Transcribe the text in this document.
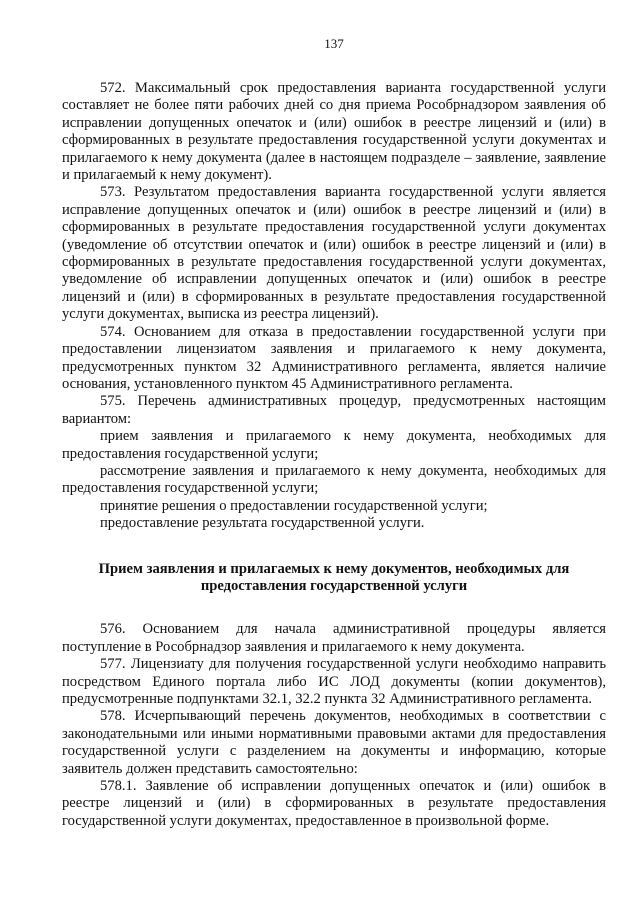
137

572. Максимальный срок предоставления варианта государственной услуги составляет не более пяти рабочих дней со дня приема Рособрнадзором заявления об исправлении допущенных опечаток и (или) ошибок в реестре лицензий и (или) в сформированных в результате предоставления государственной услуги документах и прилагаемого к нему документа (далее в настоящем подразделе – заявление, заявление и прилагаемый к нему документ).

573. Результатом предоставления варианта государственной услуги является исправление допущенных опечаток и (или) ошибок в реестре лицензий и (или) в сформированных в результате предоставления государственной услуги документах (уведомление об отсутствии опечаток и (или) ошибок в реестре лицензий и (или) в сформированных в результате предоставления государственной услуги документах, уведомление об исправлении допущенных опечаток и (или) ошибок в реестре лицензий и (или) в сформированных в результате предоставления государственной услуги документах, выписка из реестра лицензий).

574. Основанием для отказа в предоставлении государственной услуги при предоставлении лицензиатом заявления и прилагаемого к нему документа, предусмотренных пунктом 32 Административного регламента, является наличие основания, установленного пунктом 45 Административного регламента.

575. Перечень административных процедур, предусмотренных настоящим вариантом:

прием заявления и прилагаемого к нему документа, необходимых для предоставления государственной услуги;

рассмотрение заявления и прилагаемого к нему документа, необходимых для предоставления государственной услуги;

принятие решения о предоставлении государственной услуги;

предоставление результата государственной услуги.

Прием заявления и прилагаемых к нему документов, необходимых для предоставления государственной услуги

576. Основанием для начала административной процедуры является поступление в Рособрнадзор заявления и прилагаемого к нему документа.

577. Лицензиату для получения государственной услуги необходимо направить посредством Единого портала либо ИС ЛОД документы (копии документов), предусмотренные подпунктами 32.1, 32.2 пункта 32 Административного регламента.

578. Исчерпывающий перечень документов, необходимых в соответствии с законодательными или иными нормативными правовыми актами для предоставления государственной услуги с разделением на документы и информацию, которые заявитель должен представить самостоятельно:

578.1. Заявление об исправлении допущенных опечаток и (или) ошибок в реестре лицензий и (или) в сформированных в результате предоставления государственной услуги документах, предоставленное в произвольной форме.
